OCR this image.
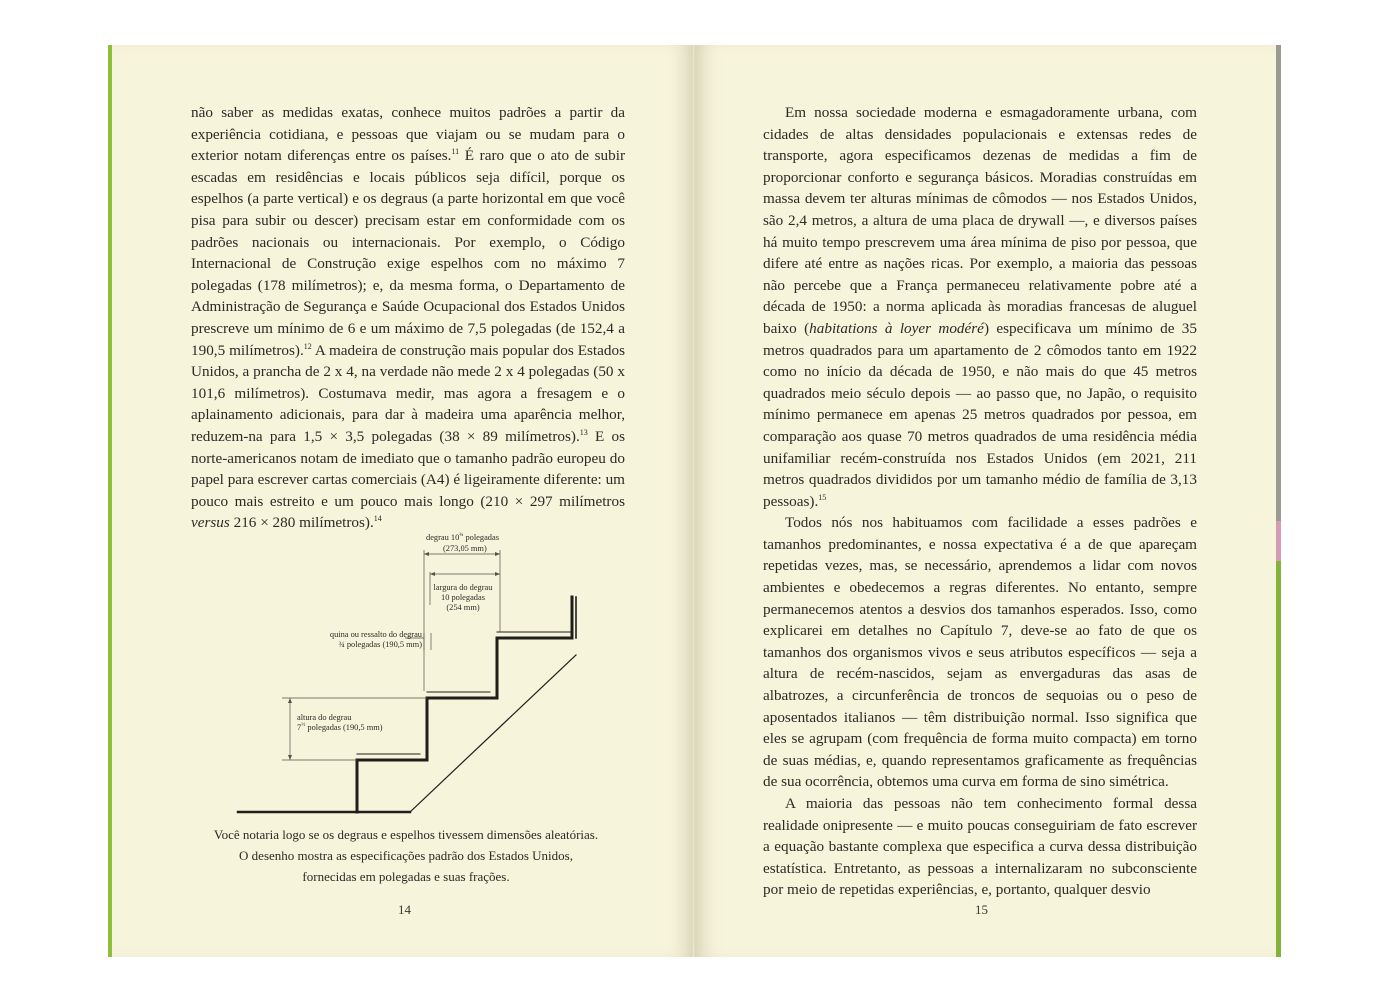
não saber as medidas exatas, conhece muitos padrões a partir da experiência cotidiana, e pessoas que viajam ou se mudam para o exterior notam diferenças entre os países.$^{11}$ É raro que o ato de subir escadas em residências e locais públicos seja difícil, porque os espelhos (a parte vertical) e os degraus (a parte horizontal em que você pisa para subir ou descer) precisam estar em conformidade com os padrões nacionais ou internacionais. Por exemplo, o Código Internacional de Construção exige espelhos com no máximo 7 polegadas (178 milímetros); e, da mesma forma, o Departamento de Administração de Segurança e Saúde Ocupacional dos Estados Unidos prescreve um mínimo de 6 e um máximo de 7,5 polegadas (de 152,4 a 190,5 milímetros).$^{12}$ A madeira de construção mais popular dos Estados Unidos, a prancha de 2 x 4, na verdade não mede 2 x 4 polegadas (50 x 101,6 milímetros). Costumava medir, mas agora a fresagem e o aplainamento adicionais, para dar à madeira uma aparência melhor, reduzem-na para 1,5 × 3,5 polegadas (38 × 89 milímetros).$^{13}$ E os norte-americanos notam de imediato que o tamanho padrão europeu do papel para escrever cartas comerciais (A4) é ligeiramente diferente: um pouco mais estreito e um pouco mais longo (210 × 297 milímetros versus 216 × 280 milímetros).$^{14}$

degrau $10^{\frac{3}{4}}$ polegadas
(273,05 mm)
largura do degrau
10 polegadas
(254 mm)
quina ou ressalto do degrau
¾ polegadas (190,5 mm)
altura do degrau
$7^{\frac{1}{2}}$ polegadas (190,5 mm)
Você notaria logo se os degraus e espelhos tivessem dimensões aleatórias.
O desenho mostra as especificações padrão dos Estados Unidos,
fornecidas em polegadas e suas frações.
14

Em nossa sociedade moderna e esmagadoramente urbana, com cidades de altas densidades populacionais e extensas redes de transporte, agora especificamos dezenas de medidas a fim de proporcionar conforto e segurança básicos. Moradias construídas em massa devem ter alturas mínimas de cômodos — nos Estados Unidos, são 2,4 metros, a altura de uma placa de drywall —, e diversos países há muito tempo prescrevem uma área mínima de piso por pessoa, que difere até entre as nações ricas. Por exemplo, a maioria das pessoas não percebe que a França permaneceu relativamente pobre até a década de 1950: a norma aplicada às moradias francesas de aluguel baixo (habitations à loyer modéré) especificava um mínimo de 35 metros quadrados para um apartamento de 2 cômodos tanto em 1922 como no início da década de 1950, e não mais do que 45 metros quadrados meio século depois — ao passo que, no Japão, o requisito mínimo permanece em apenas 25 metros quadrados por pessoa, em comparação aos quase 70 metros quadrados de uma residência média unifamiliar recém-construída nos Estados Unidos (em 2021, 211 metros quadrados divididos por um tamanho médio de família de 3,13 pessoas).$^{15}$

Todos nós nos habituamos com facilidade a esses padrões e tamanhos predominantes, e nossa expectativa é a de que apareçam repetidas vezes, mas, se necessário, aprendemos a lidar com novos ambientes e obedecemos a regras diferentes. No entanto, sempre permanecemos atentos a desvios dos tamanhos esperados. Isso, como explicarei em detalhes no Capítulo 7, deve-se ao fato de que os tamanhos dos organismos vivos e seus atributos específicos — seja a altura de recém-nascidos, sejam as envergaduras das asas de albatrozes, a circunferência de troncos de sequoias ou o peso de aposentados italianos — têm distribuição normal. Isso significa que eles se agrupam (com frequência de forma muito compacta) em torno de suas médias, e, quando representamos graficamente as frequências de sua ocorrência, obtemos uma curva em forma de sino simétrica.

A maioria das pessoas não tem conhecimento formal dessa realidade onipresente — e muito poucas conseguiriam de fato escrever a equação bastante complexa que especifica a curva dessa distribuição estatística. Entretanto, as pessoas a internalizaram no subconsciente por meio de repetidas experiências, e, portanto, qualquer desvio

15
